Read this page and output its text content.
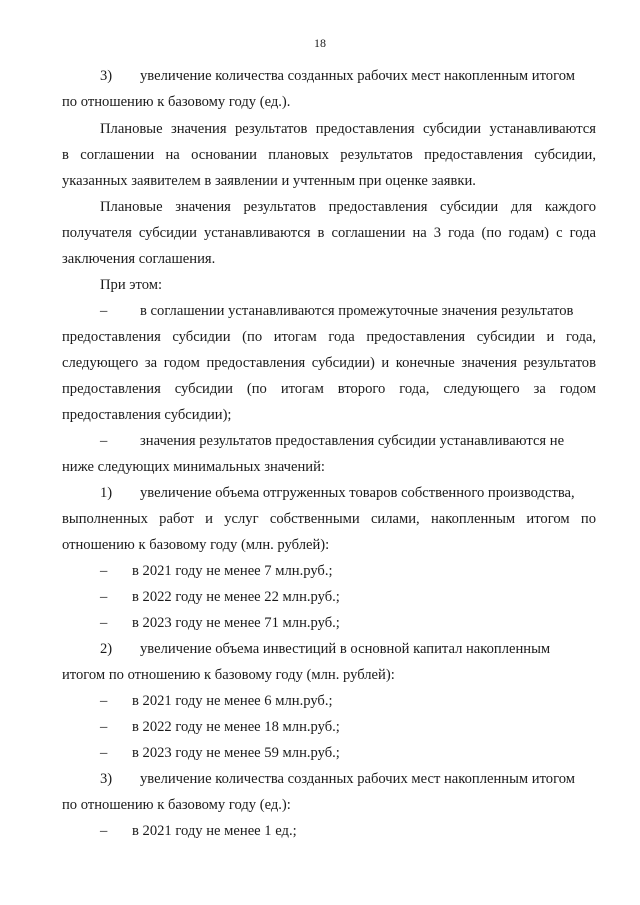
18
3) увеличение количества созданных рабочих мест накопленным итогом
по отношению к базовому году (ед.).
Плановые значения результатов предоставления субсидии устанавливаются
в соглашении на основании плановых результатов предоставления субсидии,
указанных заявителем в заявлении и учтенным при оценке заявки.
Плановые значения результатов предоставления субсидии для каждого
получателя субсидии устанавливаются в соглашении на 3 года (по годам) с года
заключения соглашения.
При этом:
– в соглашении устанавливаются промежуточные значения результатов
предоставления субсидии (по итогам года предоставления субсидии и года,
следующего за годом предоставления субсидии) и конечные значения результатов
предоставления субсидии (по итогам второго года, следующего за годом
предоставления субсидии);
– значения результатов предоставления субсидии устанавливаются не
ниже следующих минимальных значений:
1) увеличение объема отгруженных товаров собственного производства,
выполненных работ и услуг собственными силами, накопленным итогом по
отношению к базовому году (млн. рублей):
– в 2021 году не менее 7 млн.руб.;
– в 2022 году не менее 22 млн.руб.;
– в 2023 году не менее 71 млн.руб.;
2) увеличение объема инвестиций в основной капитал накопленным
итогом по отношению к базовому году (млн. рублей):
– в 2021 году не менее 6 млн.руб.;
– в 2022 году не менее 18 млн.руб.;
– в 2023 году не менее 59 млн.руб.;
3) увеличение количества созданных рабочих мест накопленным итогом
по отношению к базовому году (ед.):
– в 2021 году не менее 1 ед.;
